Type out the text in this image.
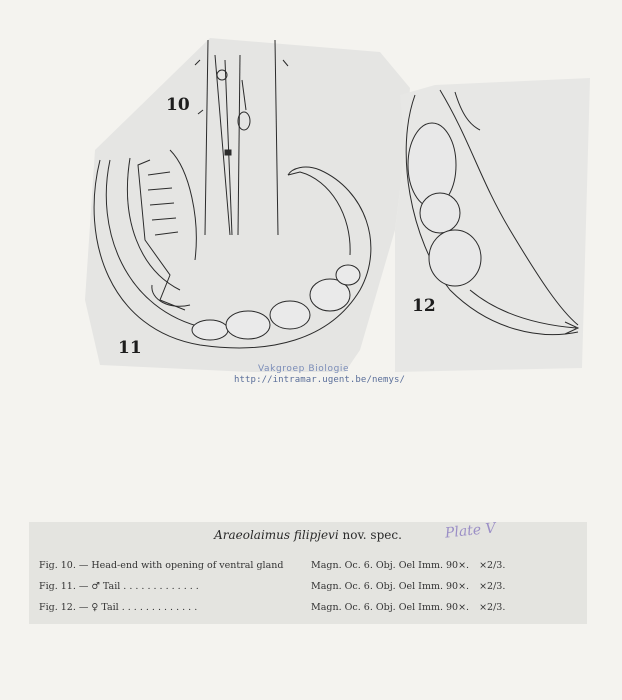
10
11
12
Vakgroep Biologie
http://intramar.ugent.be/nemys/
Araeolaimus filipjevi nov. spec.	Plate V
Fig. 10. — Head-end with opening of ventral gland	Magn. Oc. 6. Obj. Oel Imm. 90×. ×2/3.
Fig. 11. — ♂ Tail . . . . . . . . . . . . .	Magn. Oc. 6. Obj. Oel Imm. 90×. ×2/3.
Fig. 12. — ♀ Tail . . . . . . . . . . . . .	Magn. Oc. 6. Obj. Oel Imm. 90×. ×2/3.
